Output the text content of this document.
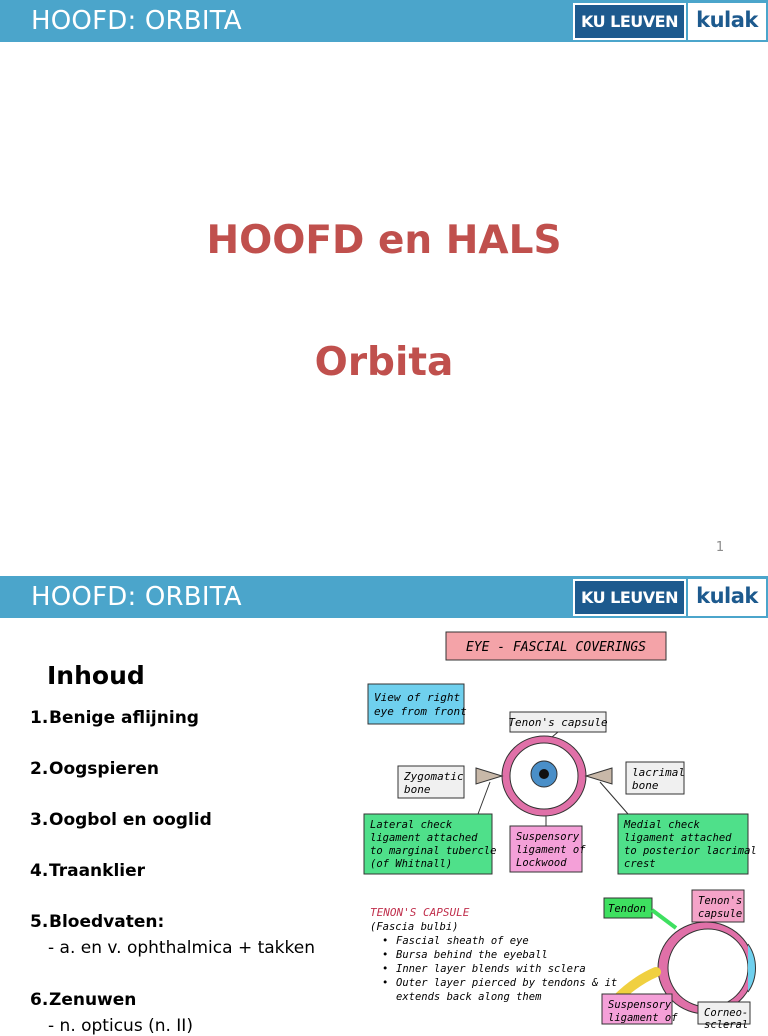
HOOFD: ORBITA	KU LEUVEN kulak
HOOFD en HALS
Orbita
1
HOOFD: ORBITA	KU LEUVEN kulak
Inhoud
1.Benige aflijning
2.Oogspieren
3.Oogbol en ooglid
4.Traanklier
5.Bloedvaten:
- a. en v. ophthalmica + takken
6.Zenuwen
- n. opticus (n. II)
EYE - FASCIAL COVERINGS
View of right
eye from front
Tenon's capsule
Zygomatic
bone
lacrimal
bone
Lateral check
ligament attached
to marginal tubercle
(of Whitnall)
Suspensory
ligament of
Lockwood
Medial check
ligament attached
to posterior lacrimal
crest
TENON'S CAPSULE
(Fascia bulbi)
• Fascial sheath of eye
• Bursa behind the eyeball
• Inner layer blends with sclera
• Outer layer pierced by tendons & it
extends back along them
Tendon
Tenon's
capsule
Suspensory
ligament of	Corneo-
scleral
